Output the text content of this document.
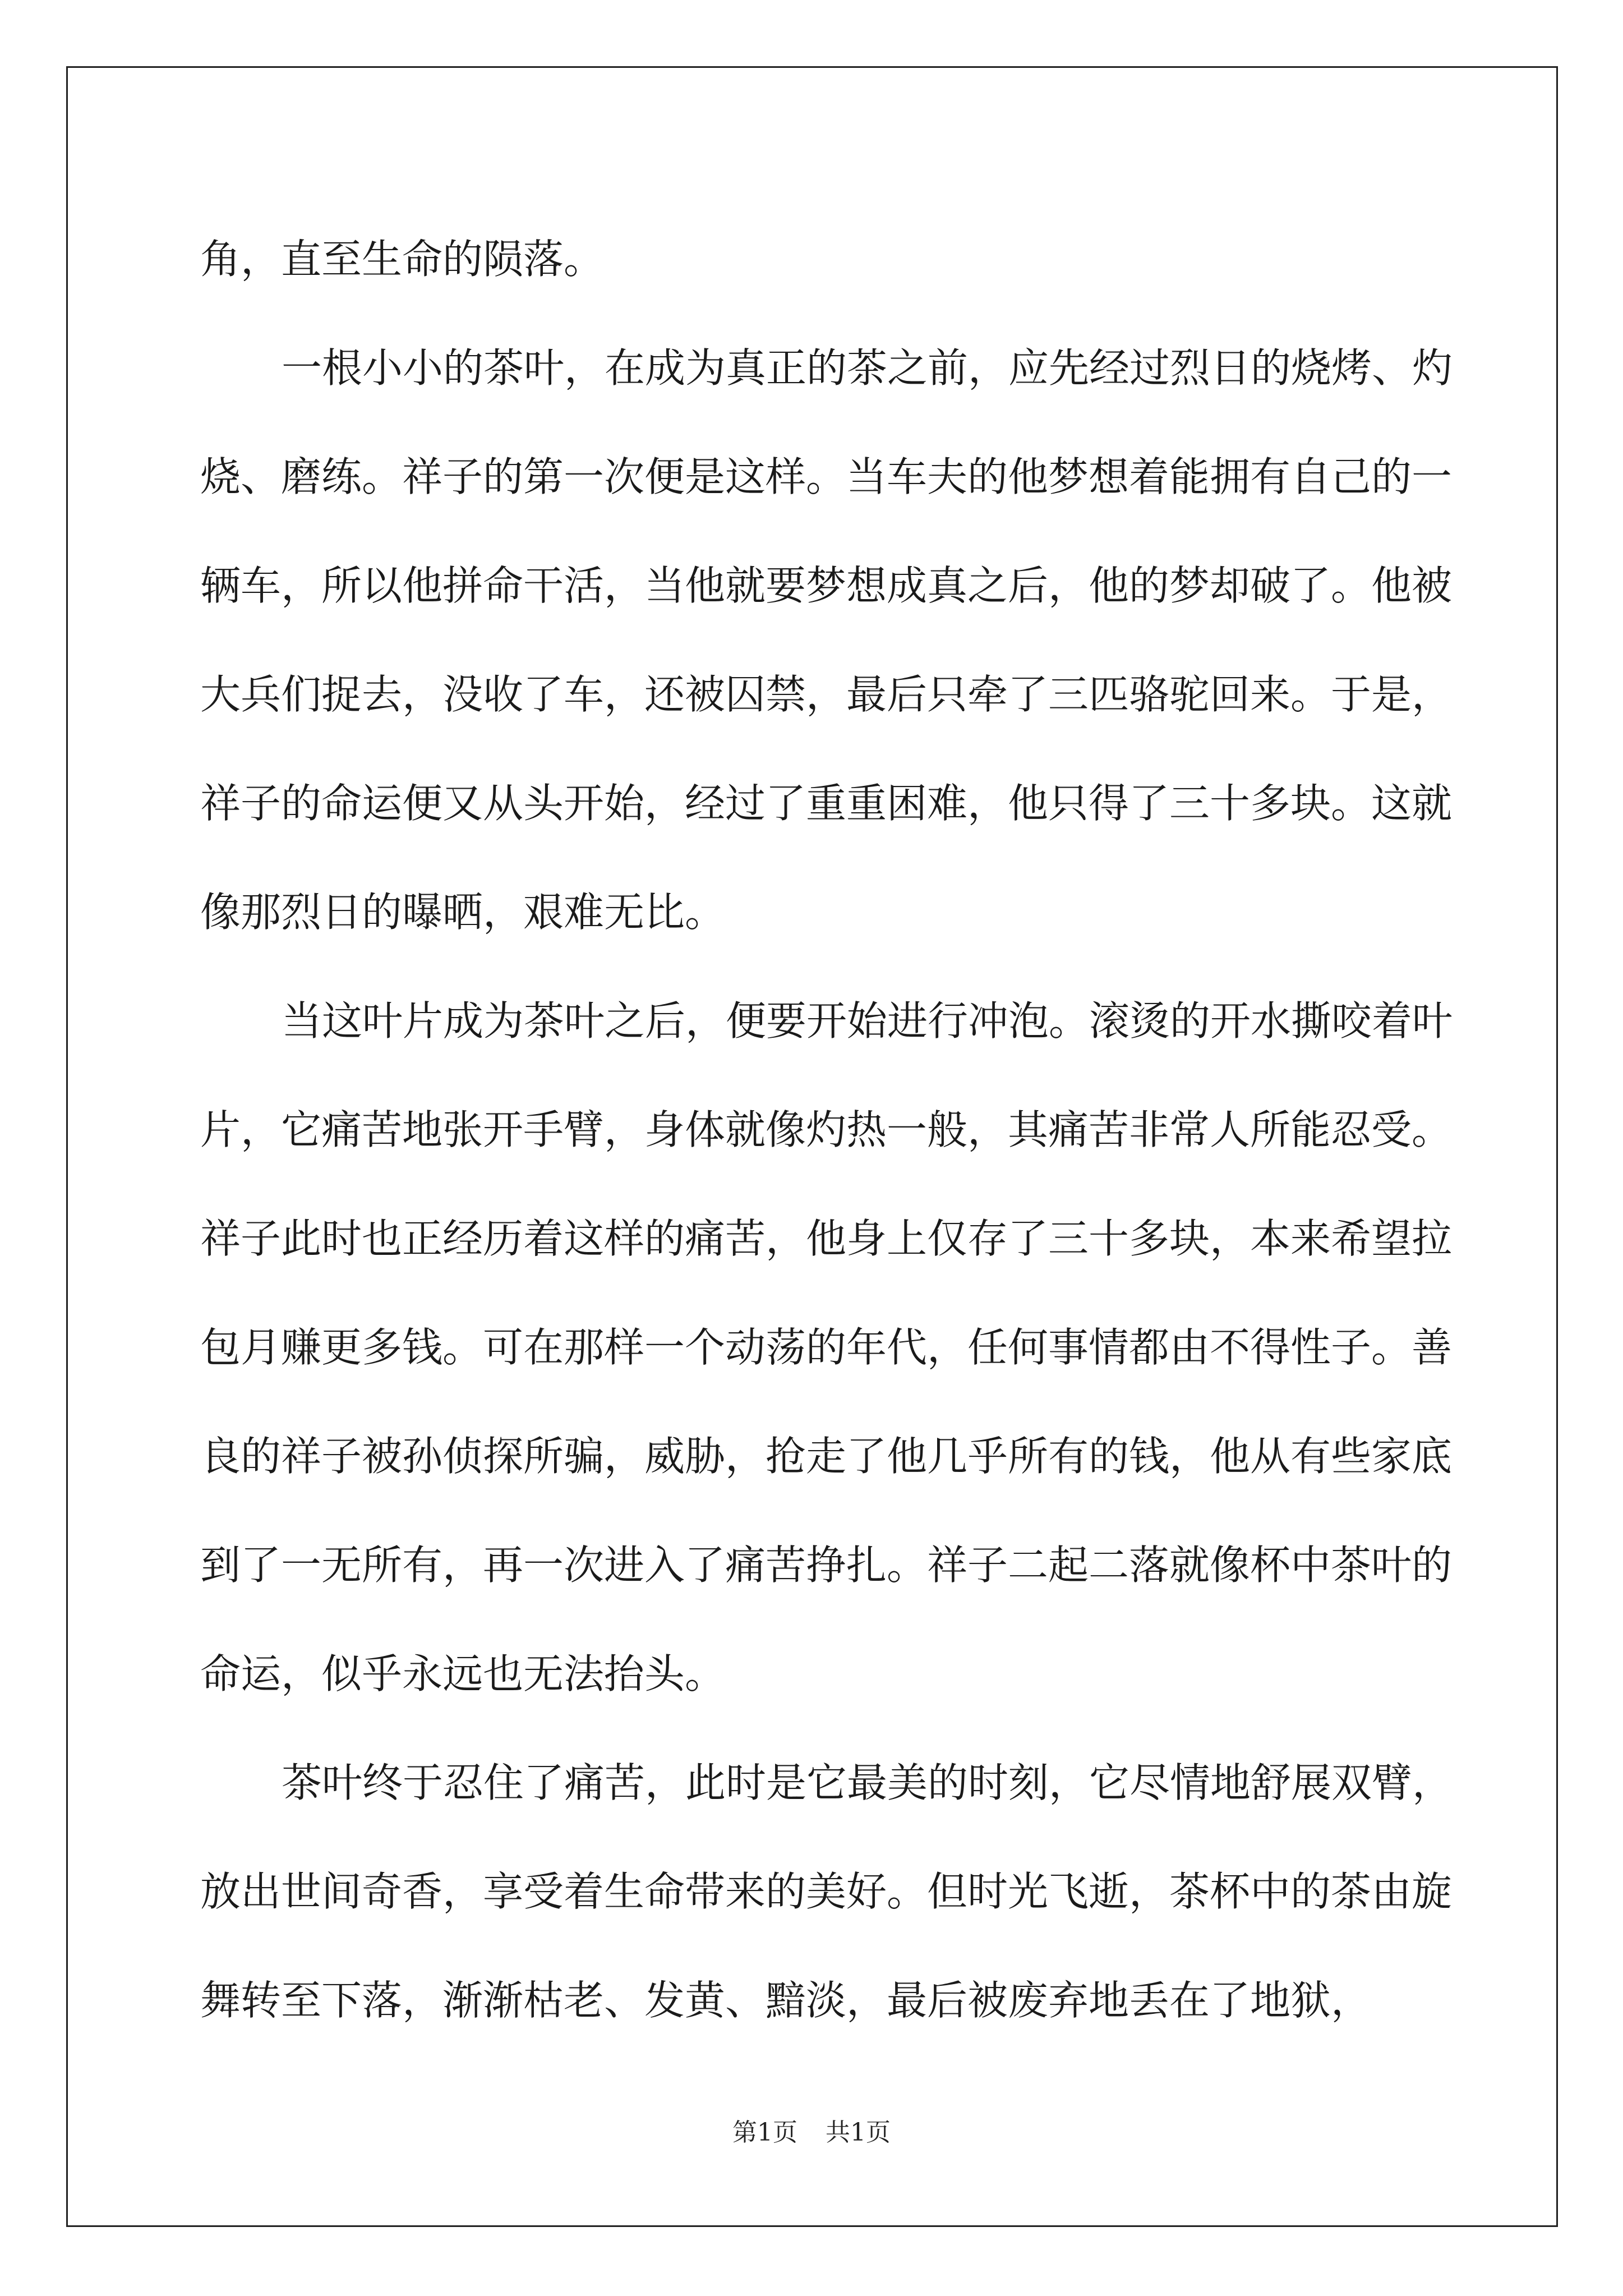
角，直至生命的陨落。

一根小小的茶叶，在成为真正的茶之前，应先经过烈日的烧烤、灼烧、磨练。祥子的第一次便是这样。当车夫的他梦想着能拥有自己的一辆车，所以他拼命干活，当他就要梦想成真之后，他的梦却破了。他被大兵们捉去，没收了车，还被囚禁，最后只牵了三匹骆驼回来。于是，祥子的命运便又从头开始，经过了重重困难，他只得了三十多块。这就像那烈日的曝晒，艰难无比。

当这叶片成为茶叶之后，便要开始进行冲泡。滚烫的开水撕咬着叶片，它痛苦地张开手臂，身体就像灼热一般，其痛苦非常人所能忍受。祥子此时也正经历着这样的痛苦，他身上仅存了三十多块，本来希望拉包月赚更多钱。可在那样一个动荡的年代，任何事情都由不得性子。善良的祥子被孙侦探所骗，威胁，抢走了他几乎所有的钱，他从有些家底到了一无所有，再一次进入了痛苦挣扎。祥子二起二落就像杯中茶叶的命运，似乎永远也无法抬头。

茶叶终于忍住了痛苦，此时是它最美的时刻，它尽情地舒展双臂，放出世间奇香，享受着生命带来的美好。但时光飞逝，茶杯中的茶由旋舞转至下落，渐渐枯老、发黄、黯淡，最后被废弃地丢在了地狱，

第1页 共1页
